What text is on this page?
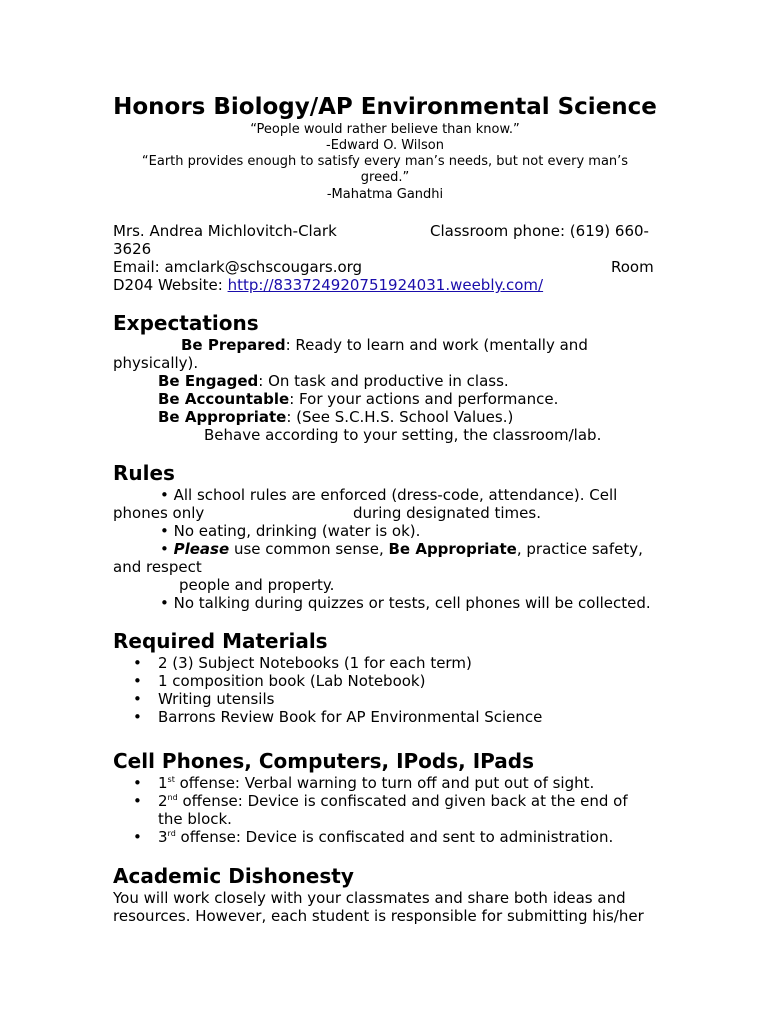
Honors Biology/AP Environmental Science
“People would rather believe than know.”
-Edward O. Wilson
“Earth provides enough to satisfy every man’s needs, but not every man’s
greed.”
-Mahatma Gandhi
Mrs. Andrea Michlovitch-Clark	Classroom phone: (619) 660-
3626
Email: amclark@schscougars.org	Room
D204 Website: http://833724920751924031.weebly.com/
Expectations
Be Prepared: Ready to learn and work (mentally and
physically).
Be Engaged: On task and productive in class.
Be Accountable: For your actions and performance.
Be Appropriate: (See S.C.H.S. School Values.)
Behave according to your setting, the classroom/lab.
Rules
• All school rules are enforced (dress-code, attendance). Cell
phones only	during designated times.
• No eating, drinking (water is ok).
• Please use common sense, Be Appropriate, practice safety,
and respect
people and property.
• No talking during quizzes or tests, cell phones will be collected.
Required Materials
• 2 (3) Subject Notebooks (1 for each term)
• 1 composition book (Lab Notebook)
• Writing utensils
• Barrons Review Book for AP Environmental Science
Cell Phones, Computers, IPods, IPads
• 1st offense: Verbal warning to turn off and put out of sight.
• 2nd offense: Device is confiscated and given back at the end of
the block.
• 3rd offense: Device is confiscated and sent to administration.
Academic Dishonesty
You will work closely with your classmates and share both ideas and
resources. However, each student is responsible for submitting his/her
